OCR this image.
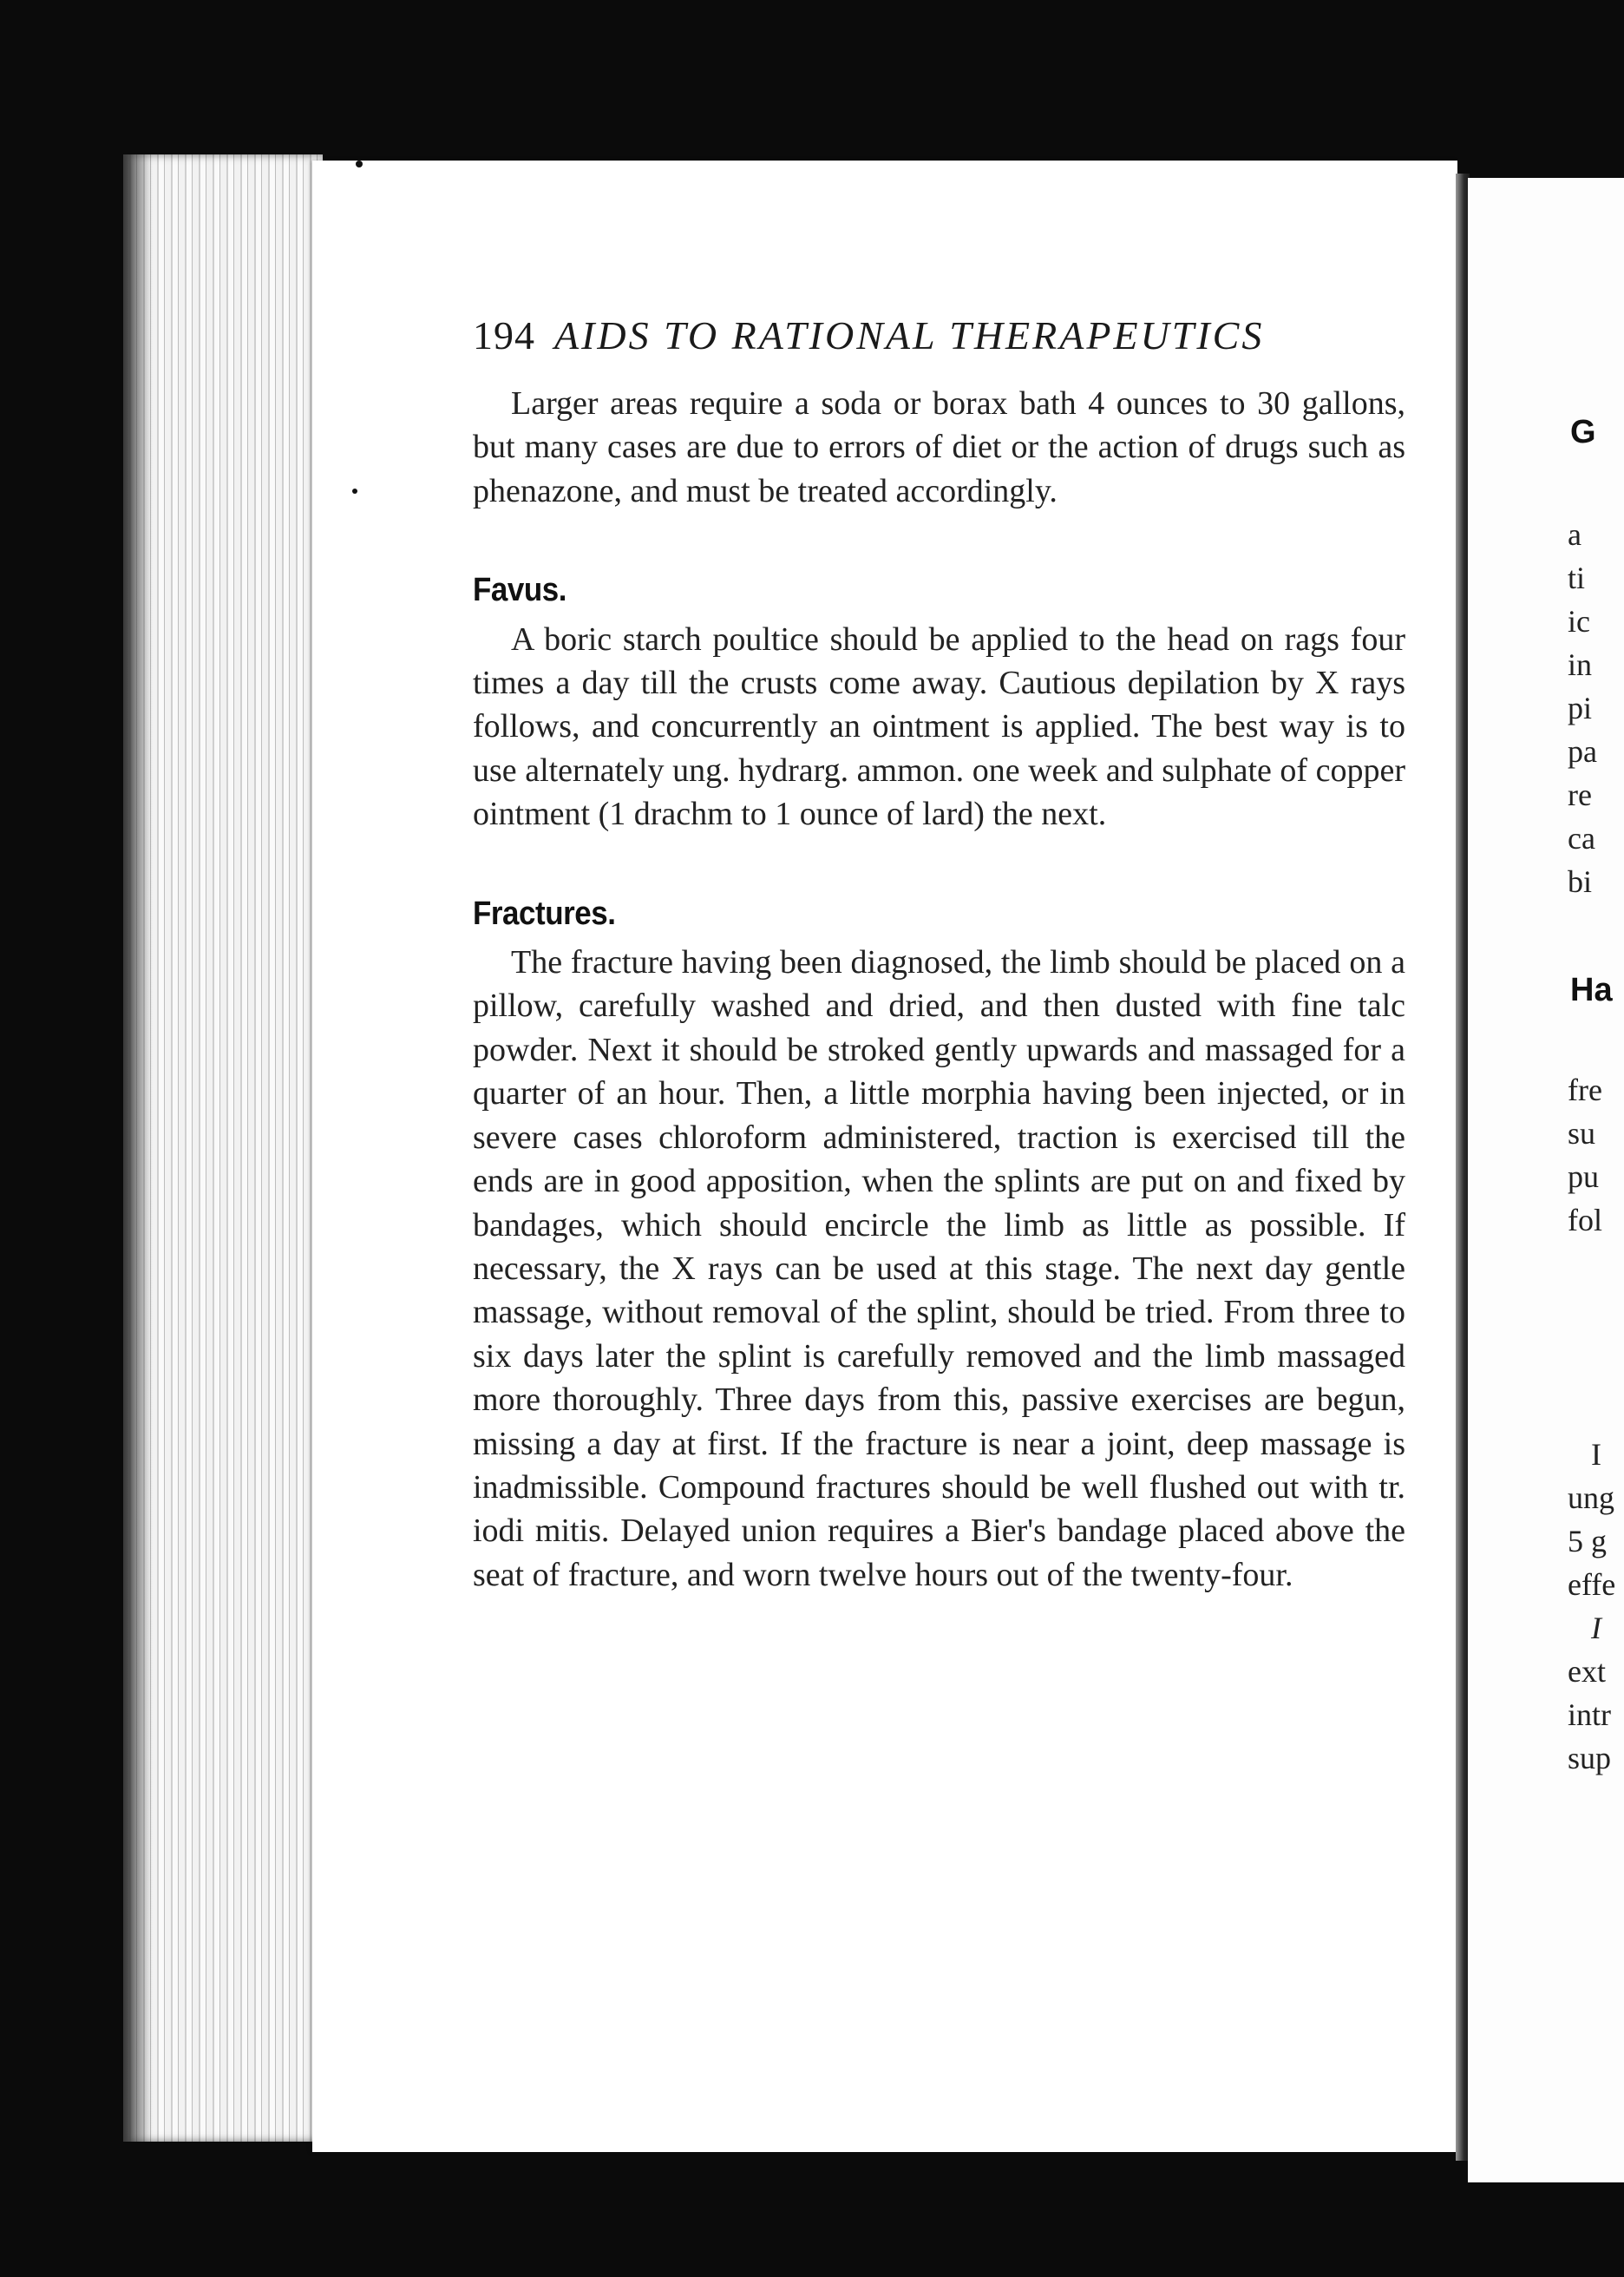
G
a
ti
ic
in
pi
pa
re
ca
bi
Ha
fre
su
pu
fol
I
ung
5 g
effe
I
ext
intr
sup
194 AIDS TO RATIONAL THERAPEUTICS

Larger areas require a soda or borax bath 4 ounces to 30 gallons, but many cases are due to errors of diet or the action of drugs such as phenazone, and must be treated accordingly.

Favus.

A boric starch poultice should be applied to the head on rags four times a day till the crusts come away. Cautious depilation by X rays follows, and concurrently an ointment is applied. The best way is to use alternately ung. hydrarg. ammon. one week and sulphate of copper ointment (1 drachm to 1 ounce of lard) the next.

Fractures.

The fracture having been diagnosed, the limb should be placed on a pillow, carefully washed and dried, and then dusted with fine talc powder. Next it should be stroked gently upwards and massaged for a quarter of an hour. Then, a little morphia having been injected, or in severe cases chloroform administered, traction is exercised till the ends are in good apposition, when the splints are put on and fixed by bandages, which should encircle the limb as little as possible. If necessary, the X rays can be used at this stage. The next day gentle massage, without removal of the splint, should be tried. From three to six days later the splint is carefully removed and the limb massaged more thoroughly. Three days from this, passive exercises are begun, missing a day at first. If the fracture is near a joint, deep massage is inadmissible. Compound fractures should be well flushed out with tr. iodi mitis. Delayed union requires a Bier's bandage placed above the seat of fracture, and worn twelve hours out of the twenty-four.
